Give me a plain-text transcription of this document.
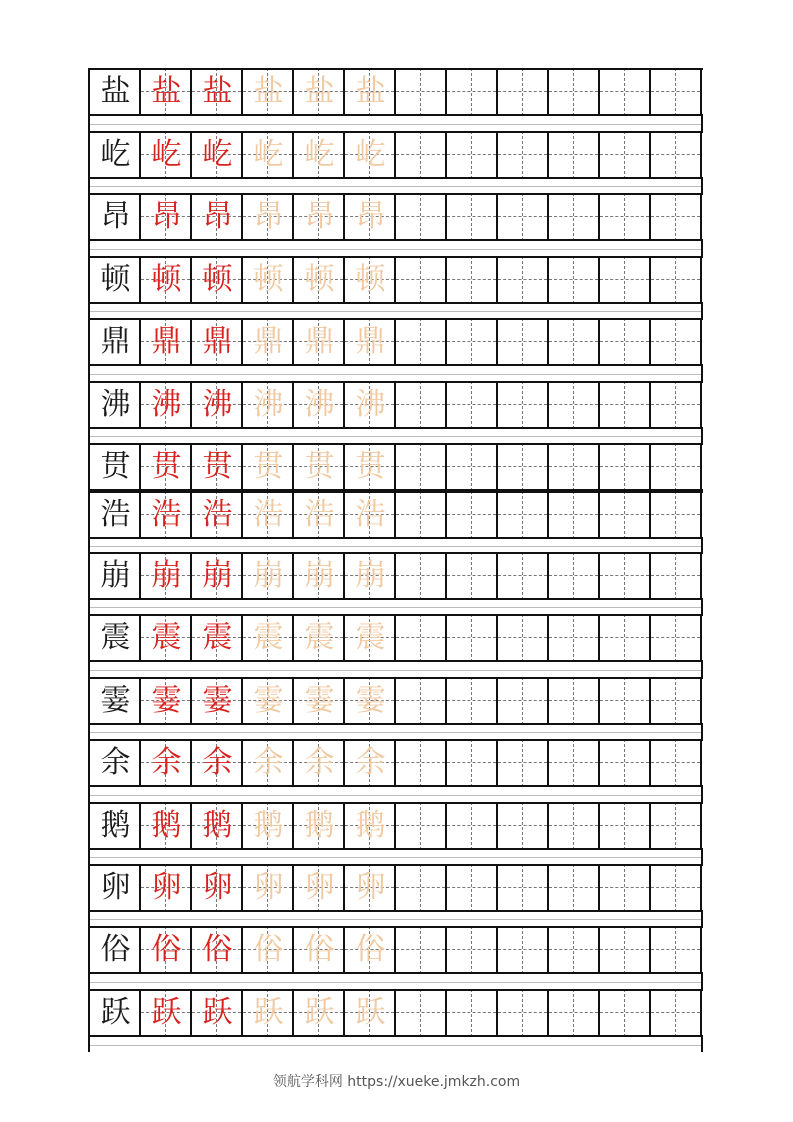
盐 盐 盐 盐 盐 盐
屹 屹 屹 屹 屹 屹
昂 昂 昂 昂 昂 昂
顿 顿 顿 顿 顿 顿
鼎 鼎 鼎 鼎 鼎 鼎
沸 沸 沸 沸 沸 沸
贯 贯 贯 贯 贯 贯
浩 浩 浩 浩 浩 浩
崩 崩 崩 崩 崩 崩
震 震 震 震 震 震
霎 霎 霎 霎 霎 霎
余 余 余 余 余 余
鹅 鹅 鹅 鹅 鹅 鹅
卵 卵 卵 卵 卵 卵
俗 俗 俗 俗 俗 俗
跃 跃 跃 跃 跃 跃
领航学科网 https://xueke.jmkzh.com
